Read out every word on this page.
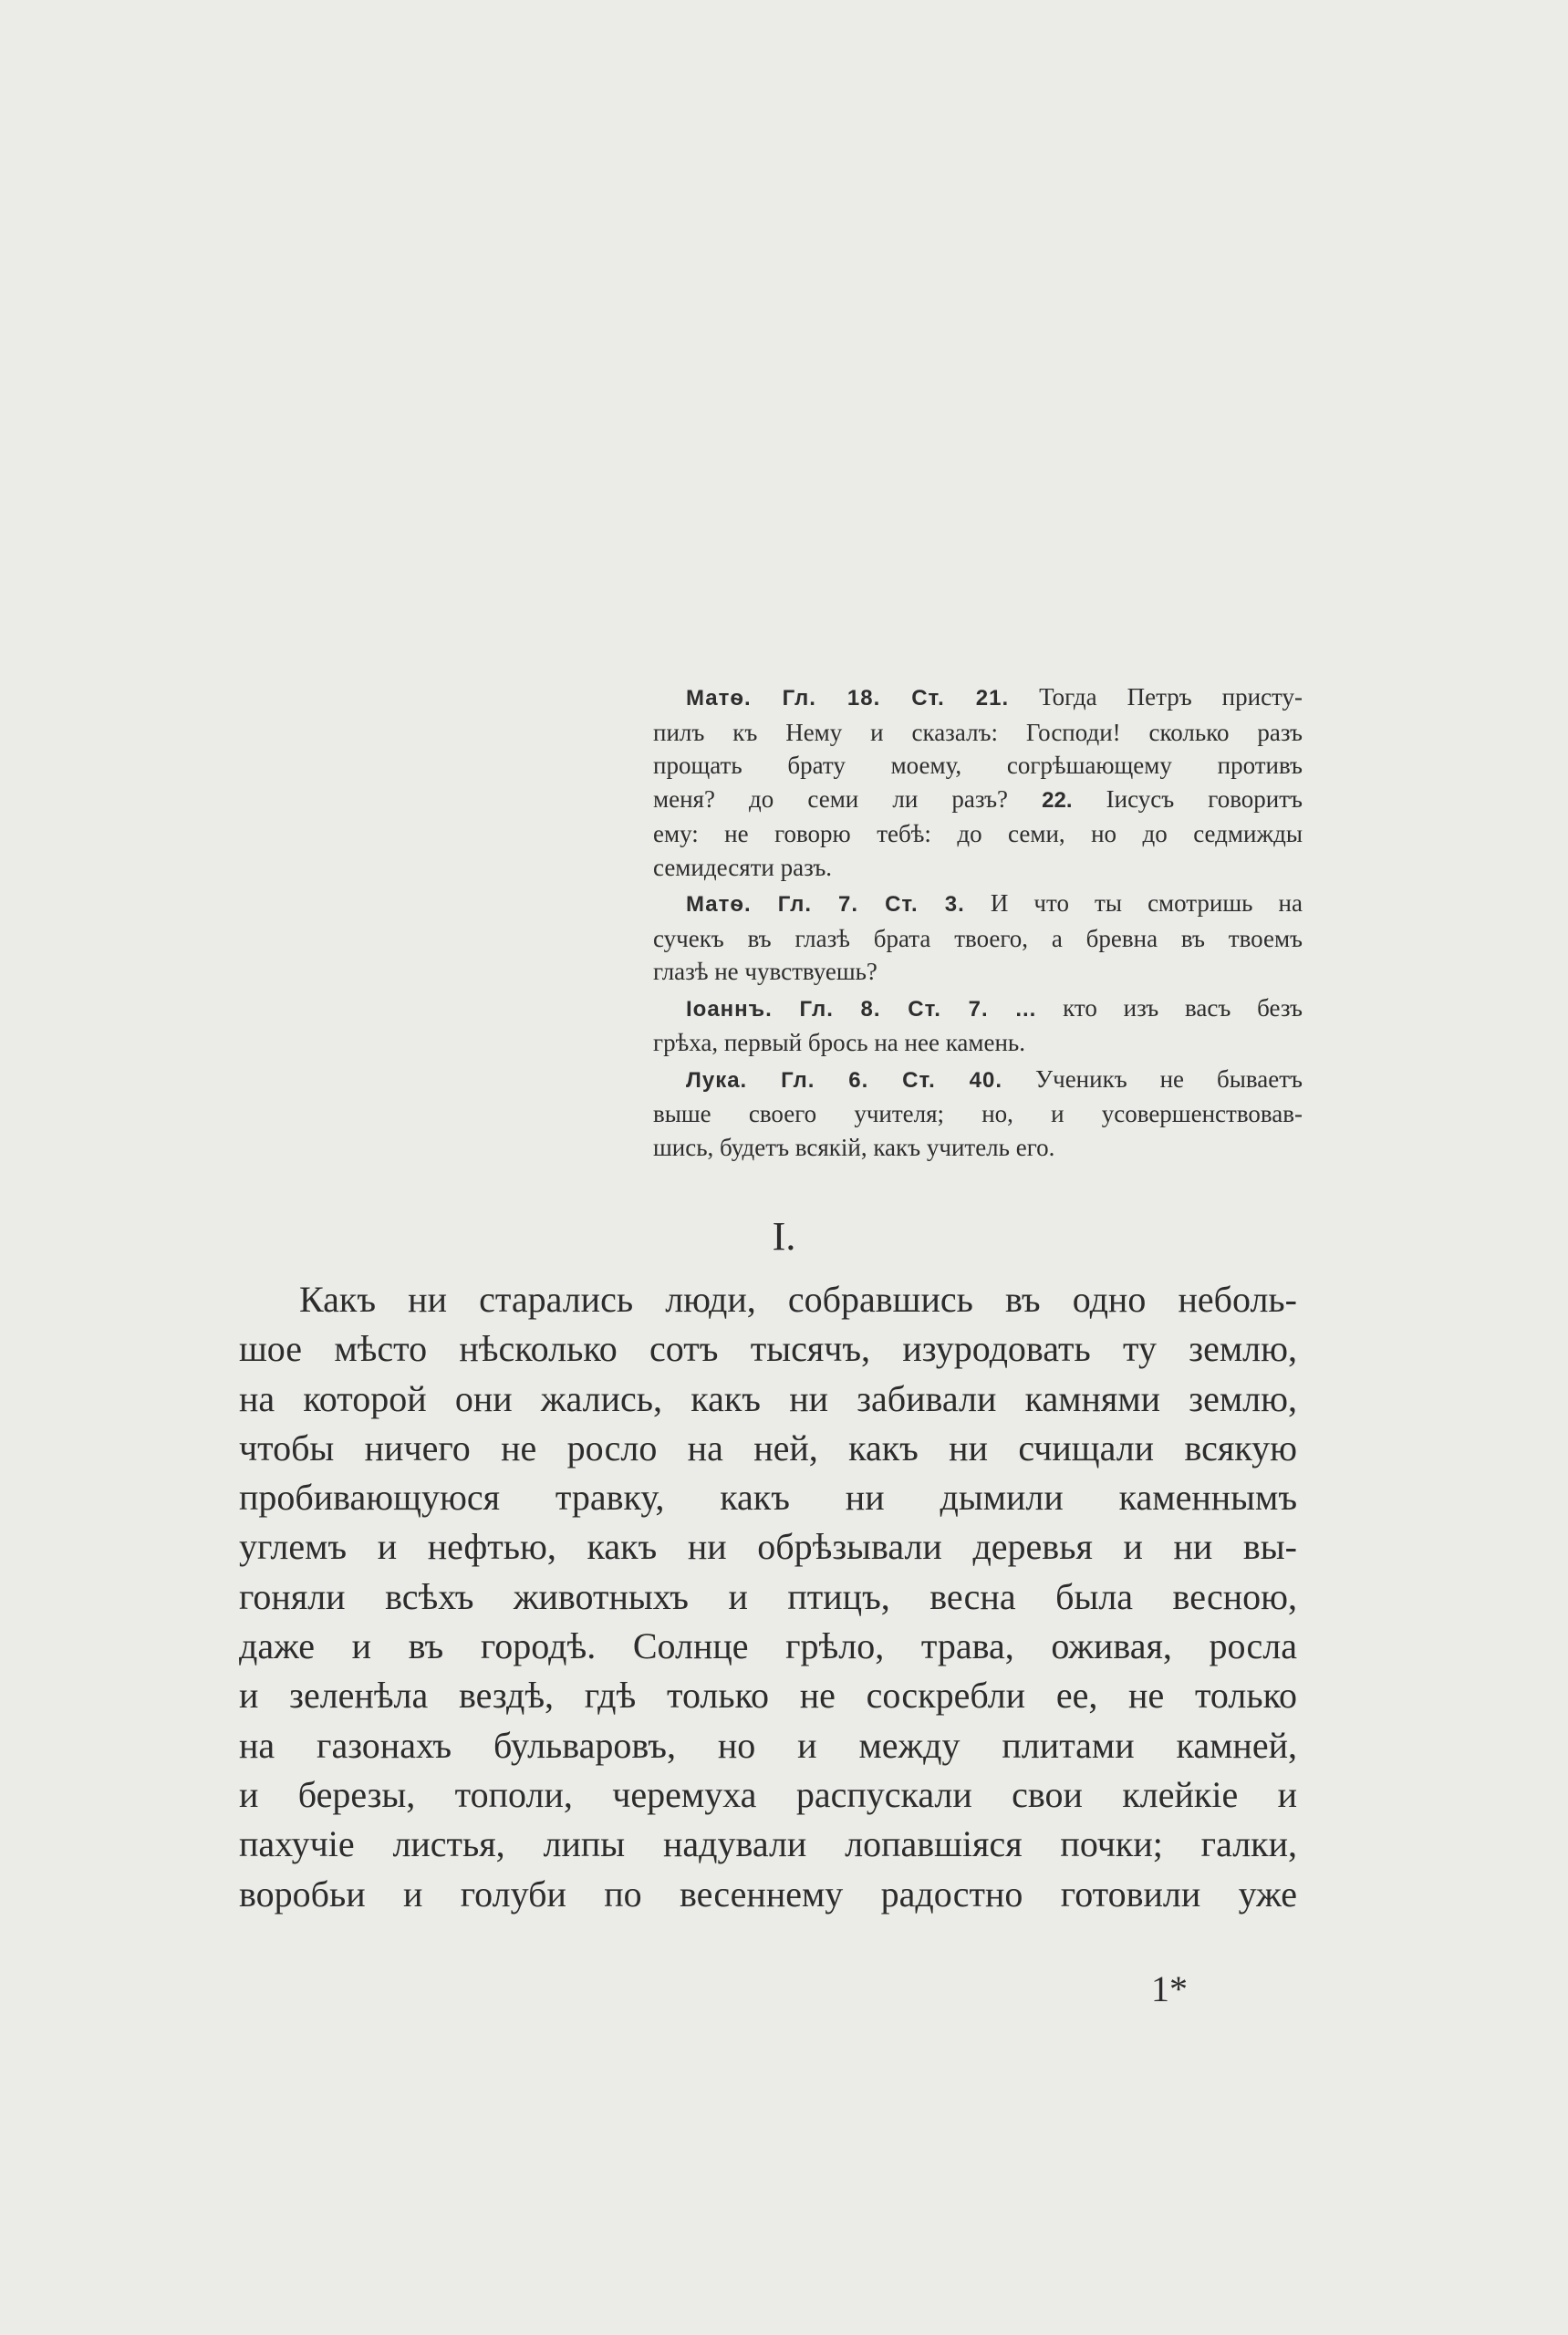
Матѳ. Гл. 18. Ст. 21. Тогда Петръ присту-
пилъ къ Нему и сказалъ: Господи! сколько разъ
прощать брату моему, согрѣшающему противъ
меня? до семи ли разъ? 22. Іисусъ говоритъ
ему: не говорю тебѣ: до семи, но до седмижды
семидесяти разъ.
Матѳ. Гл. 7. Ст. 3. И что ты смотришь на
сучекъ въ глазѣ брата твоего, а бревна въ твоемъ
глазѣ не чувствуешь?
Іоаннъ. Гл. 8. Ст. 7. ... кто изъ васъ безъ
грѣха, первый брось на нее камень.
Лука. Гл. 6. Ст. 40. Ученикъ не бываетъ
выше своего учителя; но, и усовершенствовав-
шись, будетъ всякій, какъ учитель его.
I.
Какъ ни старались люди, собравшись въ одно неболь-
шое мѣсто нѣсколько сотъ тысячъ, изуродовать ту землю,
на которой они жались, какъ ни забивали камнями землю,
чтобы ничего не росло на ней, какъ ни счищали всякую
пробивающуюся травку, какъ ни дымили каменнымъ
углемъ и нефтью, какъ ни обрѣзывали деревья и ни вы-
гоняли всѣхъ животныхъ и птицъ, весна была весною,
даже и въ городѣ. Солнце грѣло, трава, оживая, росла
и зеленѣла вездѣ, гдѣ только не соскребли ее, не только
на газонахъ бульваровъ, но и между плитами камней,
и березы, тополи, черемуха распускали свои клейкіе и
пахучіе листья, липы надували лопавшіяся почки; галки,
воробьи и голуби по весеннему радостно готовили уже
1*
